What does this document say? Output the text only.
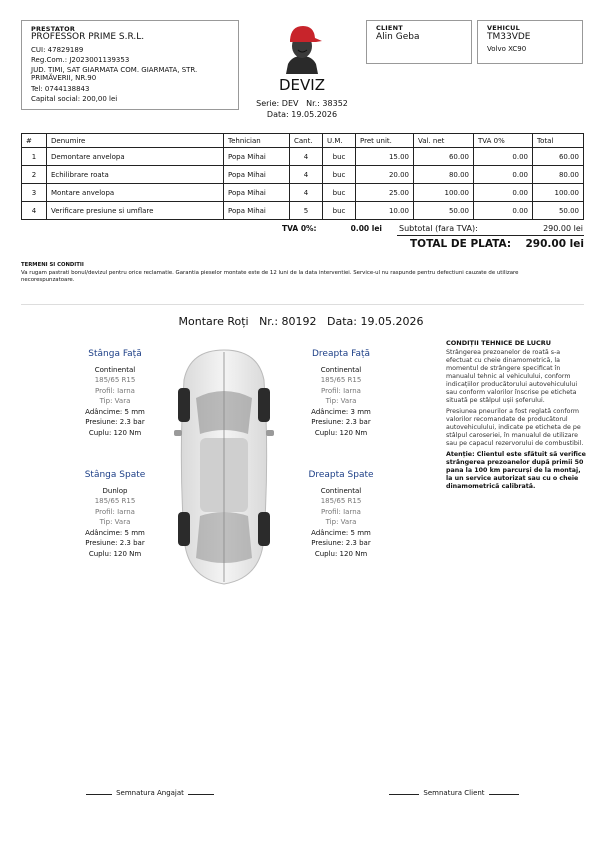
PRESTATOR
PROFESSOR PRIME S.R.L.
CUI: 47829189
Reg.Com.: J2023001139353
JUD. TIMI, SAT GIARMATA COM. GIARMATA, STR.
PRIMĂVERII, NR.90
Tel: 0744138843
Capital social: 200,00 lei
DEVIZ
Serie: DEV   Nr.: 38352
Data: 19.05.2026
CLIENT
Alin Geba
VEHICUL
TM33VDE
Volvo XC90
#	Denumire	Tehnician	Cant.	U.M.	Pret unit.	Val. net	TVA 0%	Total
1	Demontare anvelopa	Popa Mihai	4	buc	15.00	60.00	0.00	60.00
2	Echilibrare roata	Popa Mihai	4	buc	20.00	80.00	0.00	80.00
3	Montare anvelopa	Popa Mihai	4	buc	25.00	100.00	0.00	100.00
4	Verificare presiune si umflare	Popa Mihai	5	buc	10.00	50.00	0.00	50.00
TVA 0%:	0.00 lei Subtotal (fara TVA):	290.00 lei
TOTAL DE PLATA:	290.00 lei
TERMENI SI CONDITII
Va rugam pastrati bonul/devizul pentru orice reclamatie. Garantia pieselor montate este de 12 luni de la data interventiei. Service-ul nu raspunde pentru defectiuni cauzate de utilizare necorespunzatoare.
Montare Roți   Nr.: 80192   Data: 19.05.2026
Stânga Față
Continental
185/65 R15
Profil: Iarna
Tip: Vara
Adâncime: 5 mm
Presiune: 2.3 bar
Cuplu: 120 Nm
Dreapta Față
Continental
185/65 R15
Profil: Iarna
Tip: Vara
Adâncime: 3 mm
Presiune: 2.3 bar
Cuplu: 120 Nm
Stânga Spate
Dunlop
185/65 R15
Profil: Iarna
Tip: Vara
Adâncime: 5 mm
Presiune: 2.3 bar
Cuplu: 120 Nm
Dreapta Spate
Continental
185/65 R15
Profil: Iarna
Tip: Vara
Adâncime: 5 mm
Presiune: 2.3 bar
Cuplu: 120 Nm
CONDIȚII TEHNICE DE LUCRU
Strângerea prezoanelor de roată s-a efectuat cu cheie dinamometrică, la momentul de strângere specificat în manualul tehnic al vehiculului, conform indicațiilor producătorului autovehiculului sau conform valorilor înscrise pe eticheta situată pe stâlpul ușii șoferului.
Presiunea pneurilor a fost reglată conform valorilor recomandate de producătorul autovehiculului, indicate pe eticheta de pe stâlpul caroseriei, în manualul de utilizare sau pe capacul rezervorului de combustibil.
Atenție: Clientul este sfătuit să verifice strângerea prezoanelor după primii 50 pana la 100 km parcurși de la montaj, la un service autorizat sau cu o cheie dinamometrică calibrată.
Semnatura Angajat	Semnatura Client
